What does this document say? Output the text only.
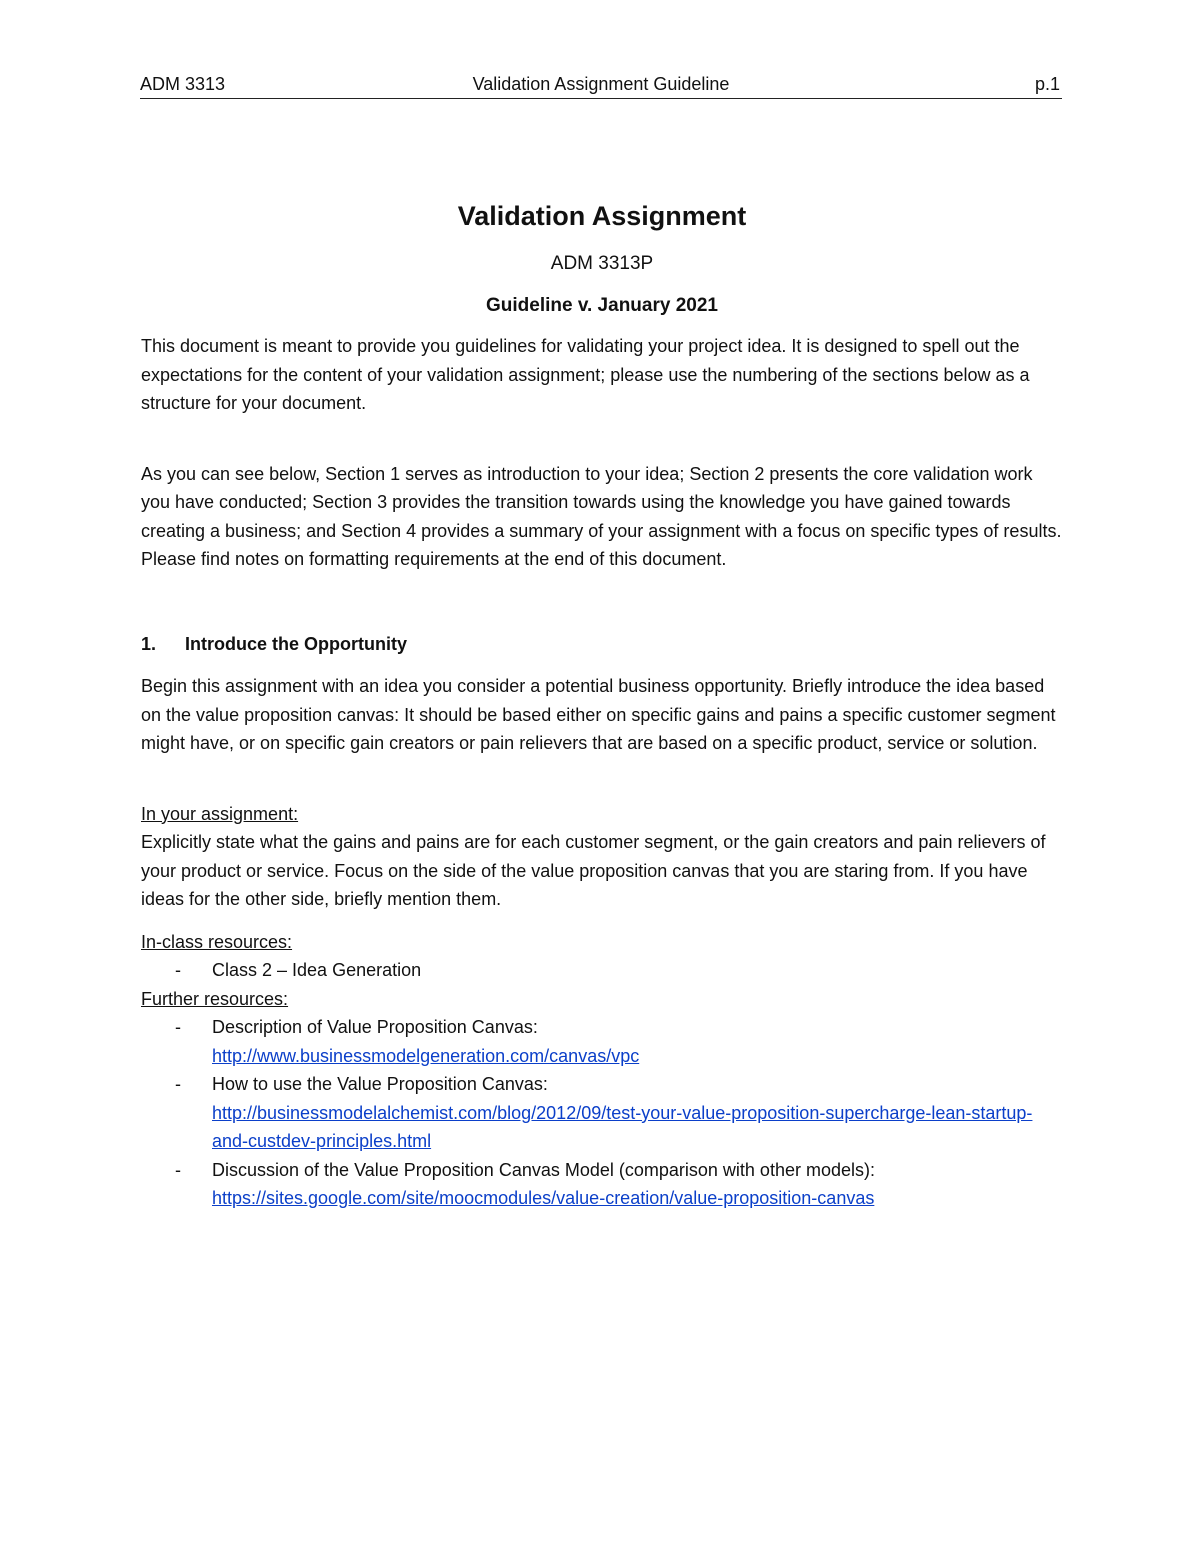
ADM 3313	Validation Assignment Guideline	p.1
Validation Assignment
ADM 3313P
Guideline v. January 2021

This document is meant to provide you guidelines for validating your project idea. It is designed to spell out the expectations for the content of your validation assignment; please use the numbering of the sections below as a structure for your document.

As you can see below, Section 1 serves as introduction to your idea; Section 2 presents the core validation work you have conducted; Section 3 provides the transition towards using the knowledge you have gained towards creating a business; and Section 4 provides a summary of your assignment with a focus on specific types of results. Please find notes on formatting requirements at the end of this document.

1.	Introduce the Opportunity

Begin this assignment with an idea you consider a potential business opportunity. Briefly introduce the idea based on the value proposition canvas: It should be based either on specific gains and pains a specific customer segment might have, or on specific gain creators or pain relievers that are based on a specific product, service or solution.

In your assignment:

Explicitly state what the gains and pains are for each customer segment, or the gain creators and pain relievers of your product or service. Focus on the side of the value proposition canvas that you are staring from. If you have ideas for the other side, briefly mention them.

In-class resources:

- Class 2 – Idea Generation

Further resources:

- Description of Value Proposition Canvas:
http://www.businessmodelgeneration.com/canvas/vpc
- How to use the Value Proposition Canvas:
http://businessmodelalchemist.com/blog/2012/09/test-your-value-proposition-supercharge-lean-startup-and-custdev-principles.html
- Discussion of the Value Proposition Canvas Model (comparison with other models):
https://sites.google.com/site/moocmodules/value-creation/value-proposition-canvas
